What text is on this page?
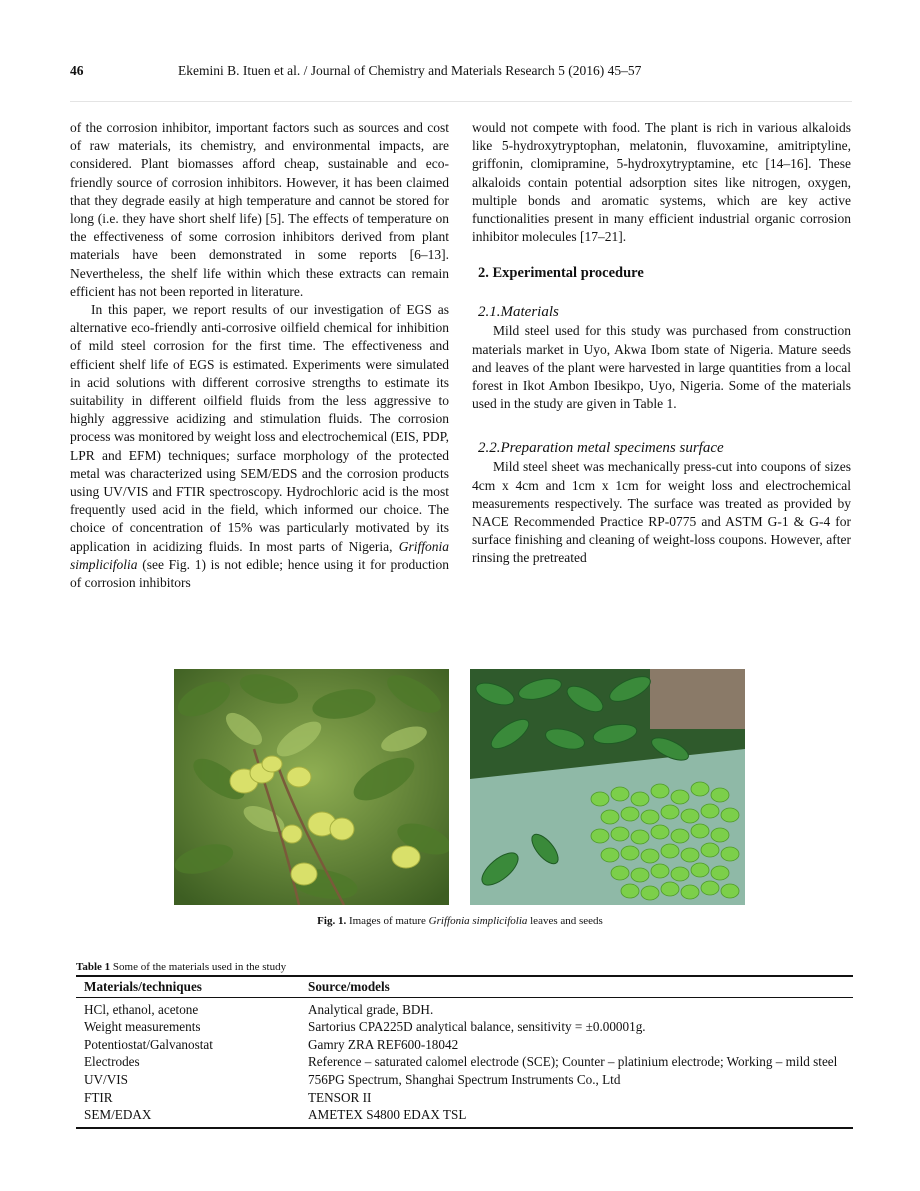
46	Ekemini B. Ituen et al. / Journal of Chemistry and Materials Research 5 (2016) 45–57

of the corrosion inhibitor, important factors such as sources and cost of raw materials, its chemistry, and environmental impacts, are considered. Plant biomasses afford cheap, sustainable and eco-friendly source of corrosion inhibitors. However, it has been claimed that they degrade easily at high temperature and cannot be stored for long (i.e. they have short shelf life) [5]. The effects of temperature on the effectiveness of some corrosion inhibitors derived from plant materials have been demonstrated in some reports [6–13]. Nevertheless, the shelf life within which these extracts can remain efficient has not been reported in literature.

In this paper, we report results of our investigation of EGS as alternative eco-friendly anti-corrosive oilfield chemical for inhibition of mild steel corrosion for the first time. The effectiveness and efficient shelf life of EGS is estimated. Experiments were simulated in acid solutions with different corrosive strengths to estimate its suitability in different oilfield fluids from the less aggressive to highly aggressive acidizing and stimulation fluids. The corrosion process was monitored by weight loss and electrochemical (EIS, PDP, LPR and EFM) techniques; surface morphology of the protected metal was characterized using SEM/EDS and the corrosion products using UV/VIS and FTIR spectroscopy. Hydrochloric acid is the most frequently used acid in the field, which informed our choice. The choice of concentration of 15% was particularly motivated by its application in acidizing fluids. In most parts of Nigeria, Griffonia simplicifolia (see Fig. 1) is not edible; hence using it for production of corrosion inhibitors

would not compete with food. The plant is rich in various alkaloids like 5-hydroxytryptophan, melatonin, fluvoxamine, amitriptyline, griffonin, clomipramine, 5-hydroxytryptamine, etc [14–16]. These alkaloids contain potential adsorption sites like nitrogen, oxygen, multiple bonds and aromatic systems, which are key active functionalities present in many efficient industrial organic corrosion inhibitor molecules [17–21].

2. Experimental procedure
2.1.Materials

Mild steel used for this study was purchased from construction materials market in Uyo, Akwa Ibom state of Nigeria. Mature seeds and leaves of the plant were harvested in large quantities from a local forest in Ikot Ambon Ibesikpo, Uyo, Nigeria. Some of the materials used in the study are given in Table 1.

2.2.Preparation metal specimens surface

Mild steel sheet was mechanically press-cut into coupons of sizes 4cm x 4cm and 1cm x 1cm for weight loss and electrochemical measurements respectively. The surface was treated as provided by NACE Recommended Practice RP-0775 and ASTM G-1 & G-4 for surface finishing and cleaning of weight-loss coupons. However, after rinsing the pretreated

Fig. 1. Images of mature Griffonia simplicifolia leaves and seeds
Table 1 Some of the materials used in the study
Materials/techniques	Source/models
HCl, ethanol, acetone	Analytical grade, BDH.
Weight measurements	Sartorius CPA225D analytical balance, sensitivity = ±0.00001g.
Potentiostat/Galvanostat	Gamry ZRA REF600-18042
Electrodes	Reference – saturated calomel electrode (SCE); Counter – platinium electrode; Working – mild steel
UV/VIS	756PG Spectrum, Shanghai Spectrum Instruments Co., Ltd
FTIR	TENSOR II
SEM/EDAX	AMETEX S4800 EDAX TSL
